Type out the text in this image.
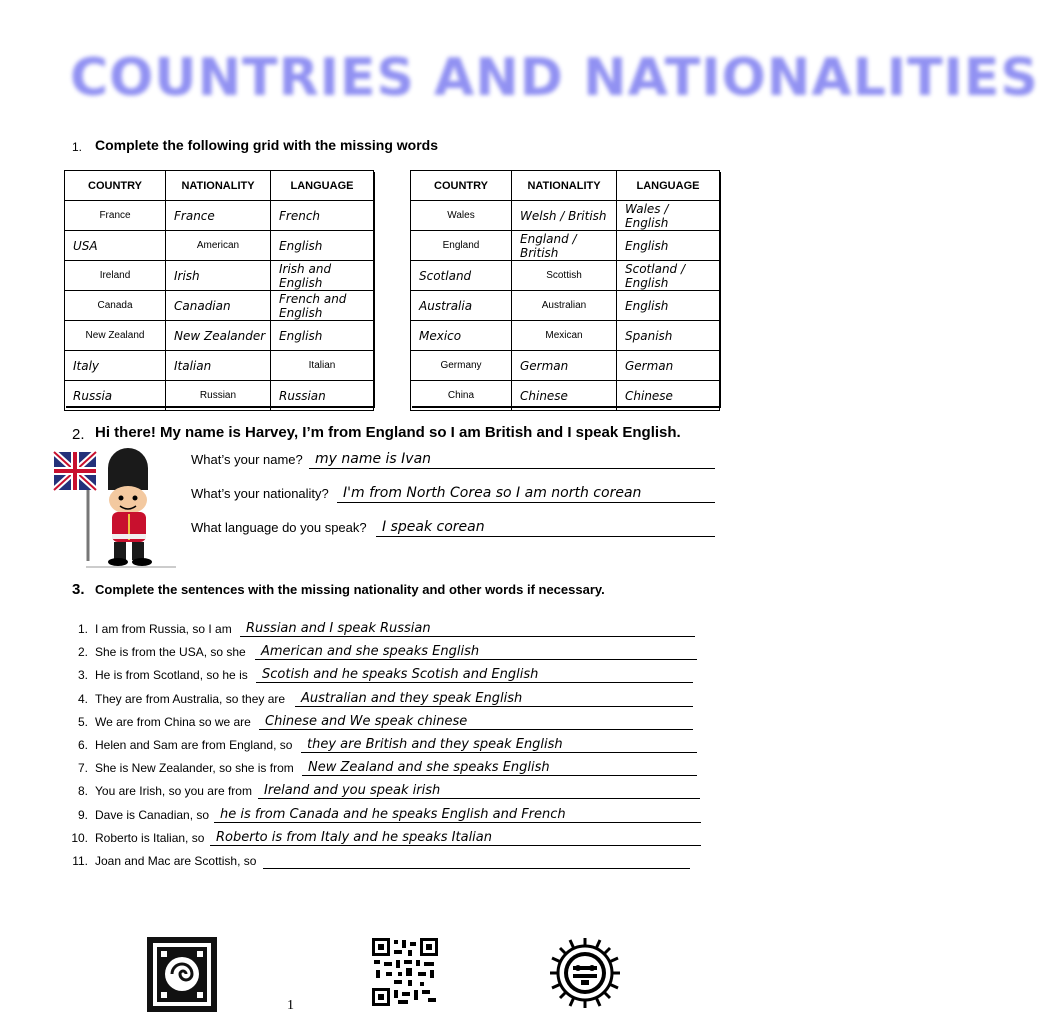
COUNTRIES AND NATIONALITIES
1. Complete the following grid with the missing words
COUNTRY	NATIONALITY	LANGUAGE
France	France	French
USA	American	English
Ireland	Irish	Irish and English
Canada	Canadian	French and English
New Zealand	New Zealander	English
Italy	Italian	Italian
Russia	Russian	Russian
COUNTRY	NATIONALITY	LANGUAGE
Wales	Welsh / British	Wales / English
England	England / British	English
Scotland	Scottish	Scotland / English
Australia	Australian	English
Mexico	Mexican	Spanish
Germany	German	German
China	Chinese	Chinese
2. Hi there! My name is Harvey, I’m from England so I am British and I speak English.
What’s your name? my name is Ivan
What’s your nationality? I'm from North Corea so I am north corean
What language do you speak? I speak corean
3. Complete the sentences with the missing nationality and other words if necessary.
1. I am from Russia, so I am Russian and I speak Russian
2. She is from the USA, so she American and she speaks English
3. He is from Scotland, so he is Scotish and he speaks Scotish and English
4. They are from Australia, so they are Australian and they speak English
5. We are from China so we are Chinese and We speak chinese
6. Helen and Sam are from England, so they are British and they speak English
7. She is New Zealander, so she is from New Zealand and she speaks English
8. You are Irish, so you are from Ireland and you speak irish
9. Dave is Canadian, so he is from Canada and he speaks English and French
10. Roberto is Italian, so Roberto is from Italy and he speaks Italian
11. Joan and Mac are Scottish, so
1
